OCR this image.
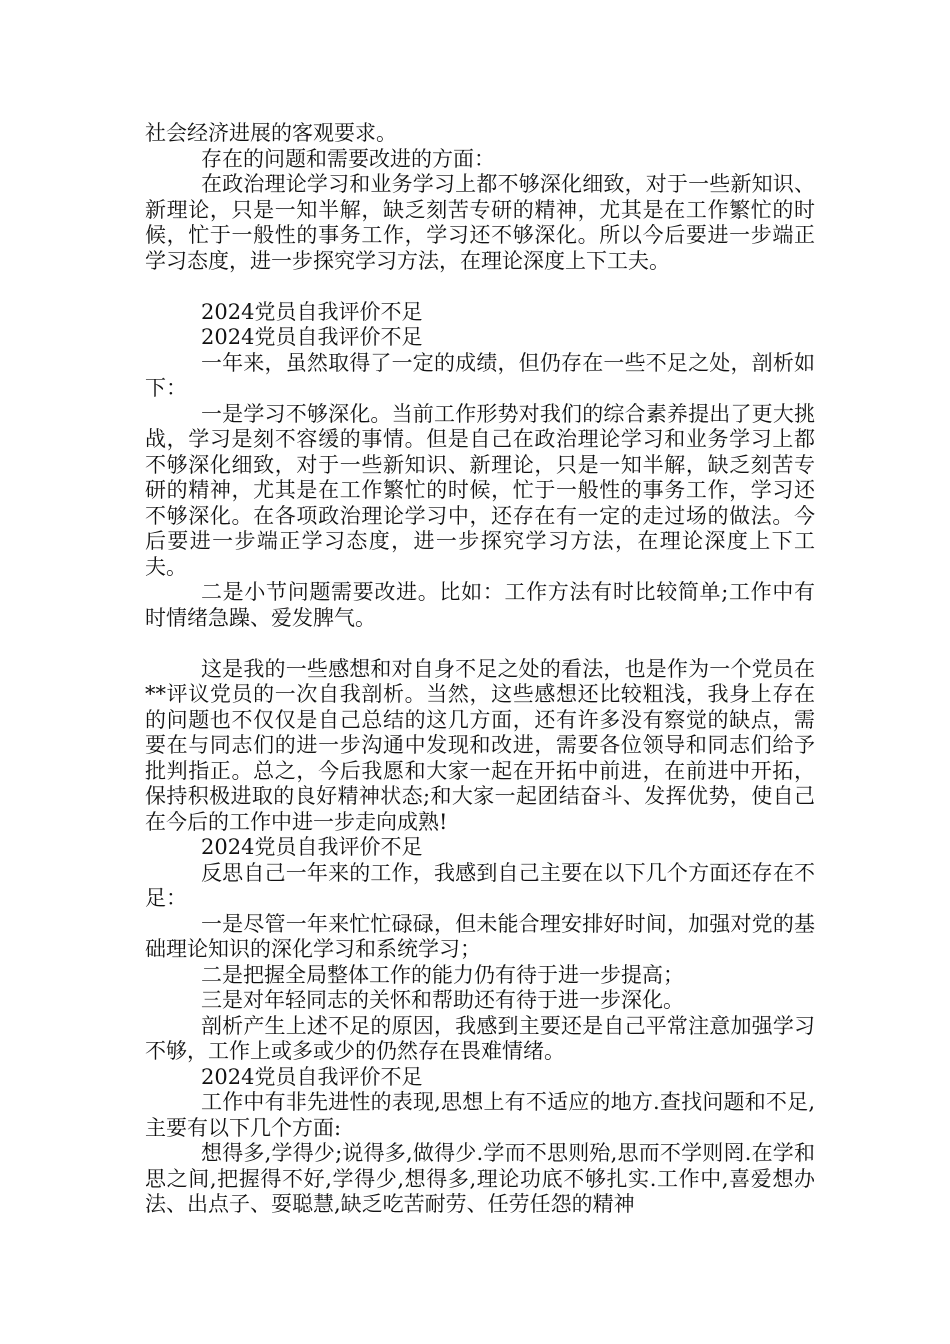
社会经济进展的客观要求。

存在的问题和需要改进的方面：

在政治理论学习和业务学习上都不够深化细致，对于一些新知识、新理论，只是一知半解，缺乏刻苦专研的精神，尤其是在工作繁忙的时候，忙于一般性的事务工作，学习还不够深化。所以今后要进一步端正学习态度，进一步探究学习方法，在理论深度上下工夫。

2024党员自我评价不足

2024党员自我评价不足

一年来，虽然取得了一定的成绩，但仍存在一些不足之处，剖析如下：

一是学习不够深化。当前工作形势对我们的综合素养提出了更大挑战，学习是刻不容缓的事情。但是自己在政治理论学习和业务学习上都不够深化细致，对于一些新知识、新理论，只是一知半解，缺乏刻苦专研的精神，尤其是在工作繁忙的时候，忙于一般性的事务工作，学习还不够深化。在各项政治理论学习中，还存在有一定的走过场的做法。今后要进一步端正学习态度，进一步探究学习方法，在理论深度上下工夫。

二是小节问题需要改进。比如：工作方法有时比较简单;工作中有时情绪急躁、爱发脾气。

这是我的一些感想和对自身不足之处的看法，也是作为一个党员在**评议党员的一次自我剖析。当然，这些感想还比较粗浅，我身上存在的问题也不仅仅是自己总结的这几方面，还有许多没有察觉的缺点，需要在与同志们的进一步沟通中发现和改进，需要各位领导和同志们给予批判指正。总之，今后我愿和大家一起在开拓中前进，在前进中开拓，保持积极进取的良好精神状态;和大家一起团结奋斗、发挥优势，使自己在今后的工作中进一步走向成熟!

2024党员自我评价不足

反思自己一年来的工作，我感到自己主要在以下几个方面还存在不足：

一是尽管一年来忙忙碌碌，但未能合理安排好时间，加强对党的基础理论知识的深化学习和系统学习；

二是把握全局整体工作的能力仍有待于进一步提高；

三是对年轻同志的关怀和帮助还有待于进一步深化。

剖析产生上述不足的原因，我感到主要还是自己平常注意加强学习不够，工作上或多或少的仍然存在畏难情绪。

2024党员自我评价不足

工作中有非先进性的表现,思想上有不适应的地方.查找问题和不足,主要有以下几个方面:

想得多,学得少;说得多,做得少.学而不思则殆,思而不学则罔.在学和思之间,把握得不好,学得少,想得多,理论功底不够扎实.工作中,喜爱想办法、出点子、耍聪慧,缺乏吃苦耐劳、任劳任怨的精神
